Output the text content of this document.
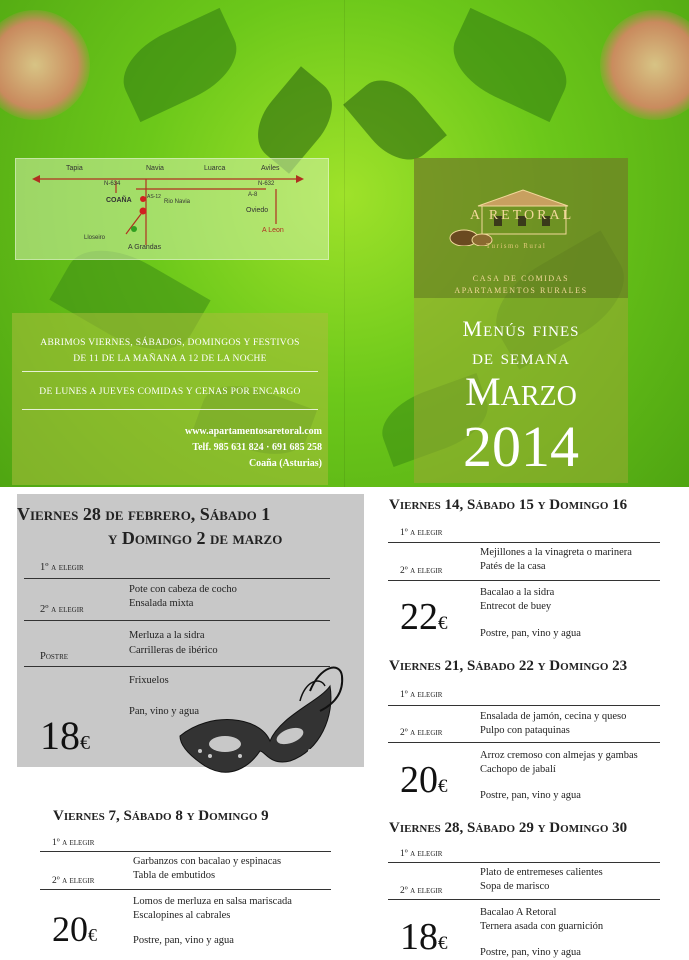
Tapia	Navia	Luarca	Aviles
N-634	N-632
A-8
AS-12
COAÑA	Rio Navia
Oviedo
Lloseiro
A Grandas
A Leon
ABRIMOS VIERNES, SÁBADOS, DOMINGOS Y FESTIVOS
DE 11 DE LA MAÑANA A 12 DE LA NOCHE
DE LUNES A JUEVES COMIDAS Y CENAS POR ENCARGO
www.apartamentosaretoral.com
Telf. 985 631 824 · 691 685 258
Coaña (Asturias)
A RETORAL
Turismo Rural
CASA DE COMIDAS
APARTAMENTOS RURALES
Menús fines
de semana
Marzo
2014
Viernes 28 de febrero, Sábado 1
y Domingo 2 de marzo
1º a elegir
Pote con cabeza de cocho
Ensalada mixta
2º a elegir
Merluza a la sidra
Carrilleras de ibérico
Postre
Frixuelos
Pan, vino y agua
18€
Viernes 7, Sábado 8 y Domingo 9
1º a elegir
Garbanzos con bacalao y espinacas
Tabla de embutidos
2º a elegir
Lomos de merluza en salsa mariscada
Escalopines al cabrales
Postre, pan, vino y agua
20€
Viernes 14, Sábado 15 y Domingo 16
1º a elegir
Mejillones a la vinagreta o marinera
Patés de la casa
2º a elegir
Bacalao a la sidra
Entrecot de buey
Postre, pan, vino y agua
22€
Viernes 21, Sábado 22 y Domingo 23
1º a elegir
Ensalada de jamón, cecina y queso
Pulpo con pataquinas
2º a elegir
Arroz cremoso con almejas y gambas
Cachopo de jabalí
Postre, pan, vino y agua
20€
Viernes 28, Sábado 29 y Domingo 30
1º a elegir
Plato de entremeses calientes
Sopa de marisco
2º a elegir
Bacalao A Retoral
Ternera asada con guarnición
Postre, pan, vino y agua
18€
